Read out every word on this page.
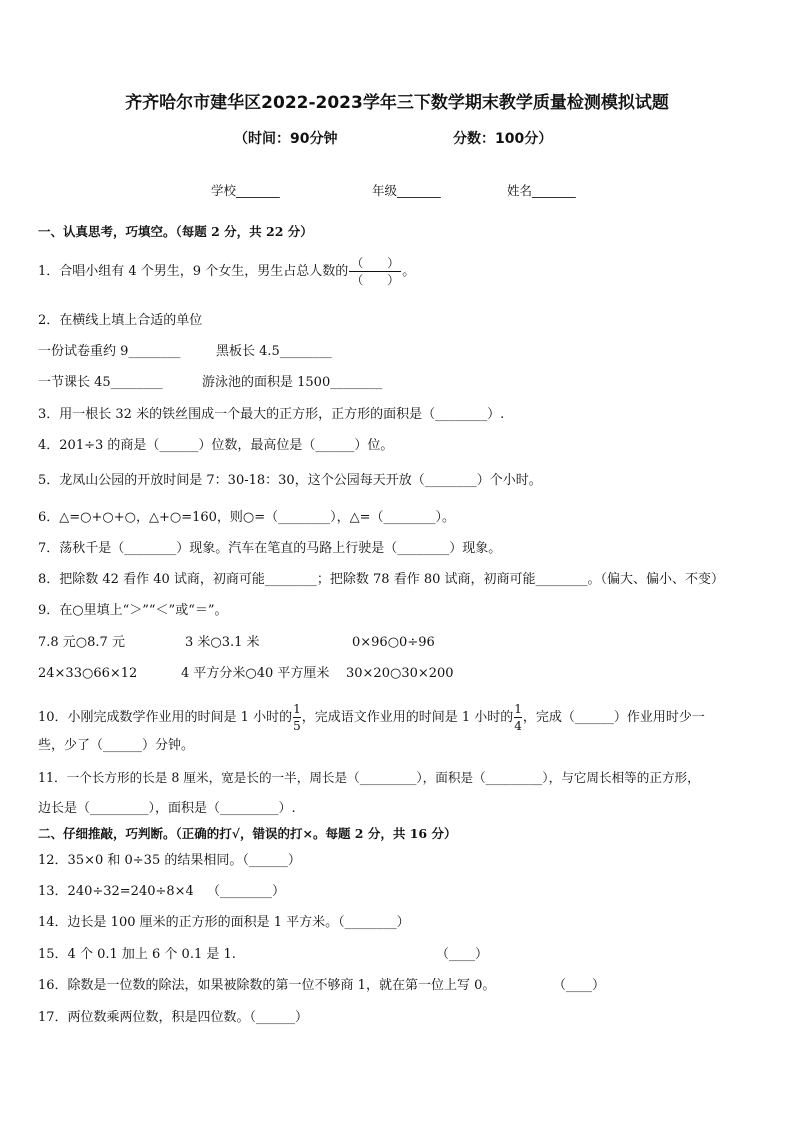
齐齐哈尔市建华区2022-2023学年三下数学期末教学质量检测模拟试题
（时间：90分钟	分数：100分）
学校_______	年级_______	姓名_______
一、认真思考，巧填空。（每题 2 分，共 22 分）
1．合唱小组有 4 个男生，9 个女生，男生占总人数的 $\frac{( )}{( )}$ 。
2．在横线上填上合适的单位
一份试卷重约 9________	黑板长 4.5________
一节课长 45________	游泳池的面积是 1500________
3．用一根长 32 米的铁丝围成一个最大的正方形，正方形的面积是（________）.
4．201÷3 的商是（______）位数，最高位是（______）位。
5．龙凤山公园的开放时间是 7：30-18：30，这个公园每天开放（________）个小时。
6．△=○+○+○，△+○=160，则○=（________），△=（________）。
7．荡秋千是（________）现象。汽车在笔直的马路上行驶是（________）现象。
8．把除数 42 看作 40 试商，初商可能________；把除数 78 看作 80 试商，初商可能________。（偏大、偏小、不变）
9．在○里填上“＞”“＜”或“＝”。
7.8 元○8.7 元	3 米○3.1 米	0×96○0÷96
24×33○66×12	4 平方分米○40 平方厘米 30×20○30×200
10．小刚完成数学作业用的时间是 1 小时的 $\frac{1}{5}$ ，完成语文作业用的时间是 1 小时的 $\frac{1}{4}$ ，完成（______）作业用时少一
些，少了（______）分钟。
11．一个长方形的长是 8 厘米，宽是长的一半，周长是（_________），面积是（_________），与它周长相等的正方形，
边长是（_________），面积是（_________）.
二、仔细推敲，巧判断。（正确的打√，错误的打×。每题 2 分，共 16 分）
12．35×0 和 0÷35 的结果相同。（______）
13．240÷32=240÷8×4 （________）
14．边长是 100 厘米的正方形的面积是 1 平方米。（________）
15．4 个 0.1 加上 6 个 0.1 是 1.	（____）
16．除数是一位数的除法，如果被除数的第一位不够商 1，就在第一位上写 0。	（____）
17．两位数乘两位数，积是四位数。（______）
